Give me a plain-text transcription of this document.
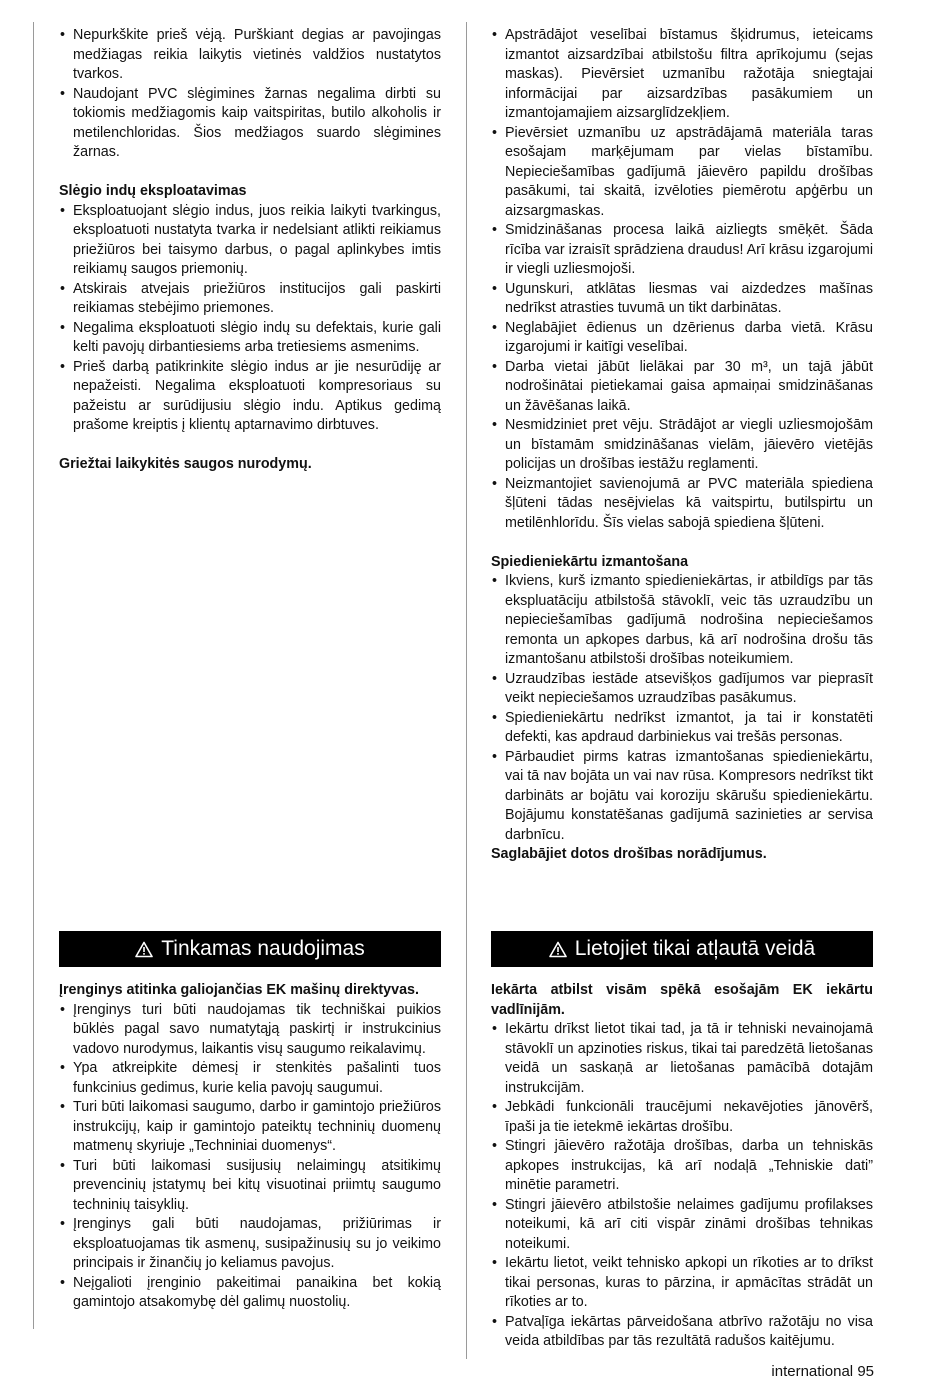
• Nepurkškite prieš vėją. Purškiant degias ar pavojingas medžiagas reikia laikytis vietinės valdžios nustatytos tvarkos.
• Naudojant PVC slėgimines žarnas negalima dirbti su tokiomis medžiagomis kaip vaitspiritas, butilo alkoholis ir metilenchloridas. Šios medžiagos suardo slėgimines žarnas.

Slėgio indų eksploatavimas

• Eksploatuojant slėgio indus, juos reikia laikyti tvarkingus, eksploatuoti nustatyta tvarka ir nedelsiant atlikti reikiamus priežiūros bei taisymo darbus, o pagal aplinkybes imtis reikiamų saugos priemonių.
• Atskirais atvejais priežiūros institucijos gali paskirti reikiamas stebėjimo priemones.
• Negalima eksploatuoti slėgio indų su defektais, kurie gali kelti pavojų dirbantiesiems arba tretiesiems asmenims.
• Prieš darbą patikrinkite slėgio indus ar jie nesurūdiję ar nepažeisti. Negalima eksploatuoti kompresoriaus su pažeistu ar surūdijusiu slėgio indu. Aptikus gedimą prašome kreiptis į klientų aptarnavimo dirbtuves.

Griežtai laikykitės saugos nurodymų.

• Apstrādājot veselībai bīstamus šķidrumus, ieteicams izmantot aizsardzībai atbilstošu filtra aprīkojumu (sejas maskas). Pievērsiet uzmanību ražotāja sniegtajai informācijai par aizsardzības pasākumiem un izmantojamajiem aizsarglīdzekļiem.
• Pievērsiet uzmanību uz apstrādājamā materiāla taras esošajam marķējumam par vielas bīstamību. Nepieciešamības gadījumā jāievēro papildu drošības pasākumi, tai skaitā, izvēloties piemērotu apģērbu un aizsargmaskas.
• Smidzināšanas procesa laikā aizliegts smēķēt. Šāda rīcība var izraisīt sprādziena draudus! Arī krāsu izgarojumi ir viegli uzliesmojoši.
• Ugunskuri, atklātas liesmas vai aizdedzes mašīnas nedrīkst atrasties tuvumā un tikt darbinātas.
• Neglabājiet ēdienus un dzērienus darba vietā. Krāsu izgarojumi ir kaitīgi veselībai.
• Darba vietai jābūt lielākai par 30 m³, un tajā jābūt nodrošinātai pietiekamai gaisa apmaiņai smidzināšanas un žāvēšanas laikā.
• Nesmidziniet pret vēju. Strādājot ar viegli uzliesmojošām un bīstamām smidzināšanas vielām, jāievēro vietējās policijas un drošības iestāžu reglamenti.
• Neizmantojiet savienojumā ar PVC materiāla spiediena šļūteni tādas nesējvielas kā vaitspirtu, butilspirtu un metilēnhlorīdu. Šīs vielas sabojā spiediena šļūteni.

Spiedieniekārtu izmantošana

• Ikviens, kurš izmanto spiedieniekārtas, ir atbildīgs par tās ekspluatāciju atbilstošā stāvoklī, veic tās uzraudzību un nepieciešamības gadījumā nodrošina nepieciešamos remonta un apkopes darbus, kā arī nodrošina drošu tās izmantošanu atbilstoši drošības noteikumiem.
• Uzraudzības iestāde atsevišķos gadījumos var pieprasīt veikt nepieciešamos uzraudzības pasākumus.
• Spiedieniekārtu nedrīkst izmantot, ja tai ir konstatēti defekti, kas apdraud darbiniekus vai trešās personas.
• Pārbaudiet pirms katras izmantošanas spiedieniekārtu, vai tā nav bojāta un vai nav rūsa. Kompresors nedrīkst tikt darbināts ar bojātu vai koroziju skārušu spiedieniekārtu. Bojājumu konstatēšanas gadījumā sazinieties ar servisa darbnīcu.

Saglabājiet dotos drošības norādījumus.

Tinkamas naudojimas	Lietojiet tikai atļautā veidā

Įrenginys atitinka galiojančias EK mašinų direktyvas.

• Įrenginys turi būti naudojamas tik techniškai puikios būklės pagal savo numatytąją paskirtį ir instrukcinius vadovo nurodymus, laikantis visų saugumo reikalavimų.
• Ypa atkreipkite dėmesį ir stenkitės pašalinti tuos funkcinius gedimus, kurie kelia pavojų saugumui.
• Turi būti laikomasi saugumo, darbo ir gamintojo priežiūros instrukcijų, kaip ir gamintojo pateiktų techninių duomenų matmenų skyriuje „Techniniai duomenys“.
• Turi būti laikomasi susijusių nelaimingų atsitikimų prevencinių įstatymų bei kitų visuotinai priimtų saugumo techninių taisyklių.
• Įrenginys gali būti naudojamas, prižiūrimas ir eksploatuojamas tik asmenų, susipažinusių su jo veikimo principais ir žinančių jo keliamus pavojus.
• Neįgalioti įrenginio pakeitimai panaikina bet kokią gamintojo atsakomybę dėl galimų nuostolių.

Iekārta atbilst visām spēkā esošajām EK iekārtu vadlīnijām.

• Iekārtu drīkst lietot tikai tad, ja tā ir tehniski nevainojamā stāvoklī un apzinoties riskus, tikai tai paredzētā lietošanas veidā un saskaņā ar lietošanas pamācībā dotajām instrukcijām.
• Jebkādi funkcionāli traucējumi nekavējoties jānovērš, īpaši ja tie ietekmē iekārtas drošību.
• Stingri jāievēro ražotāja drošības, darba un tehniskās apkopes instrukcijas, kā arī nodaļā „Tehniskie dati” minētie parametri.
• Stingri jāievēro atbilstošie nelaimes gadījumu profilakses noteikumi, kā arī citi vispār zināmi drošības tehnikas noteikumi.
• Iekārtu lietot, veikt tehnisko apkopi un rīkoties ar to drīkst tikai personas, kuras to pārzina, ir apmācītas strādāt un rīkoties ar to.
• Patvaļīga iekārtas pārveidošana atbrīvo ražotāju no visa veida atbildības par tās rezultātā radušos kaitējumu.
international 95
